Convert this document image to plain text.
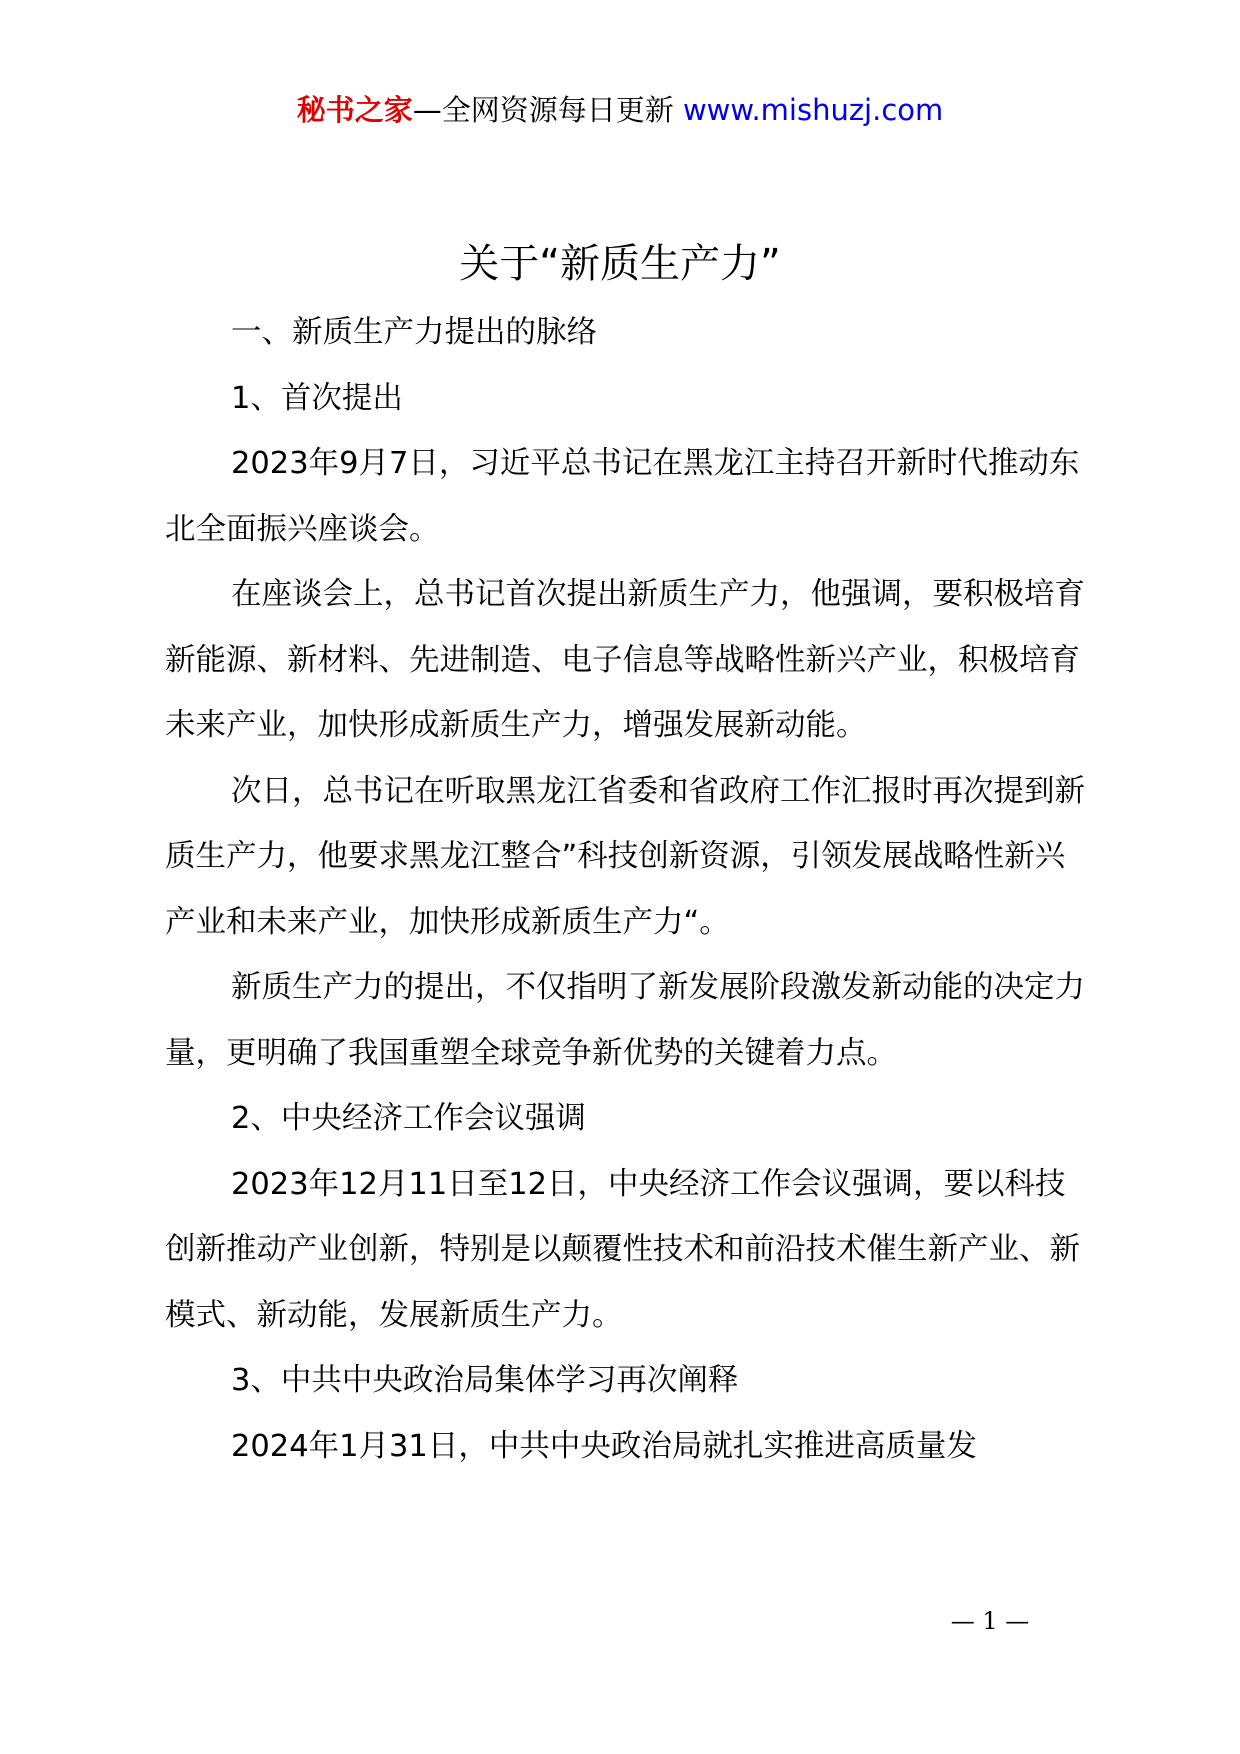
秘书之家—全网资源每日更新 www.mishuzj.com
关于“新质生产力”

一、新质生产力提出的脉络

1、首次提出

2023年9月7日，习近平总书记在黑龙江主持召开新时代推动东北全面振兴座谈会。

在座谈会上，总书记首次提出新质生产力，他强调，要积极培育新能源、新材料、先进制造、电子信息等战略性新兴产业，积极培育未来产业，加快形成新质生产力，增强发展新动能。

次日，总书记在听取黑龙江省委和省政府工作汇报时再次提到新质生产力，他要求黑龙江整合”科技创新资源，引领发展战略性新兴产业和未来产业，加快形成新质生产力“。

新质生产力的提出，不仅指明了新发展阶段激发新动能的决定力量，更明确了我国重塑全球竞争新优势的关键着力点。

2、中央经济工作会议强调

2023年12月11日至12日，中央经济工作会议强调，要以科技创新推动产业创新，特别是以颠覆性技术和前沿技术催生新产业、新模式、新动能，发展新质生产力。

3、中共中央政治局集体学习再次阐释

2024年1月31日，中共中央政治局就扎实推进高质量发

— 1 —
